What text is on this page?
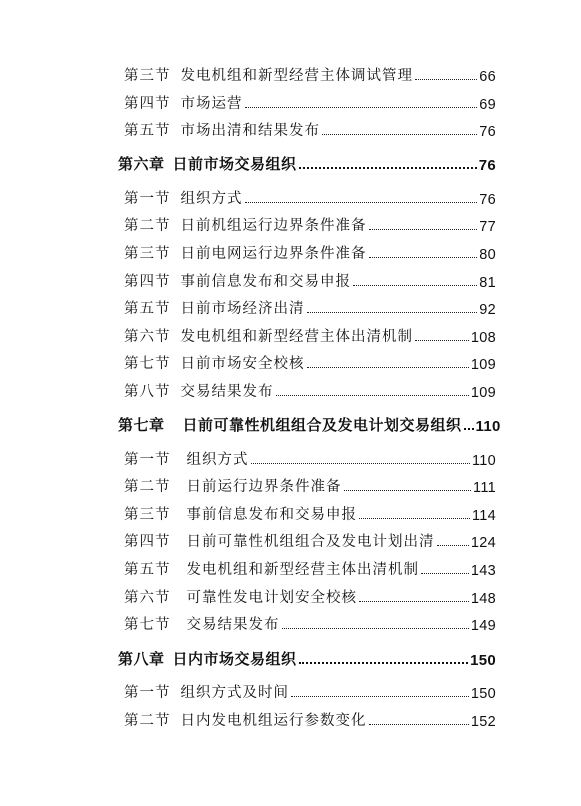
第三节 发电机组和新型经营主体调试管理	66
第四节 市场运营	69
第五节 市场出清和结果发布	76
第六章 日前市场交易组织	76
第一节 组织方式	76
第二节 日前机组运行边界条件准备	77
第三节 日前电网运行边界条件准备	80
第四节 事前信息发布和交易申报	81
第五节 日前市场经济出清	92
第六节 发电机组和新型经营主体出清机制	108
第七节 日前市场安全校核	109
第八节 交易结果发布	109
第七章 日前可靠性机组组合及发电计划交易组织 110
第一节 组织方式	110
第二节 日前运行边界条件准备	111
第三节 事前信息发布和交易申报	114
第四节 日前可靠性机组组合及发电计划出清	124
第五节 发电机组和新型经营主体出清机制	143
第六节 可靠性发电计划安全校核	148
第七节 交易结果发布	149
第八章 日内市场交易组织	150
第一节 组织方式及时间	150
第二节 日内发电机组运行参数变化	152
